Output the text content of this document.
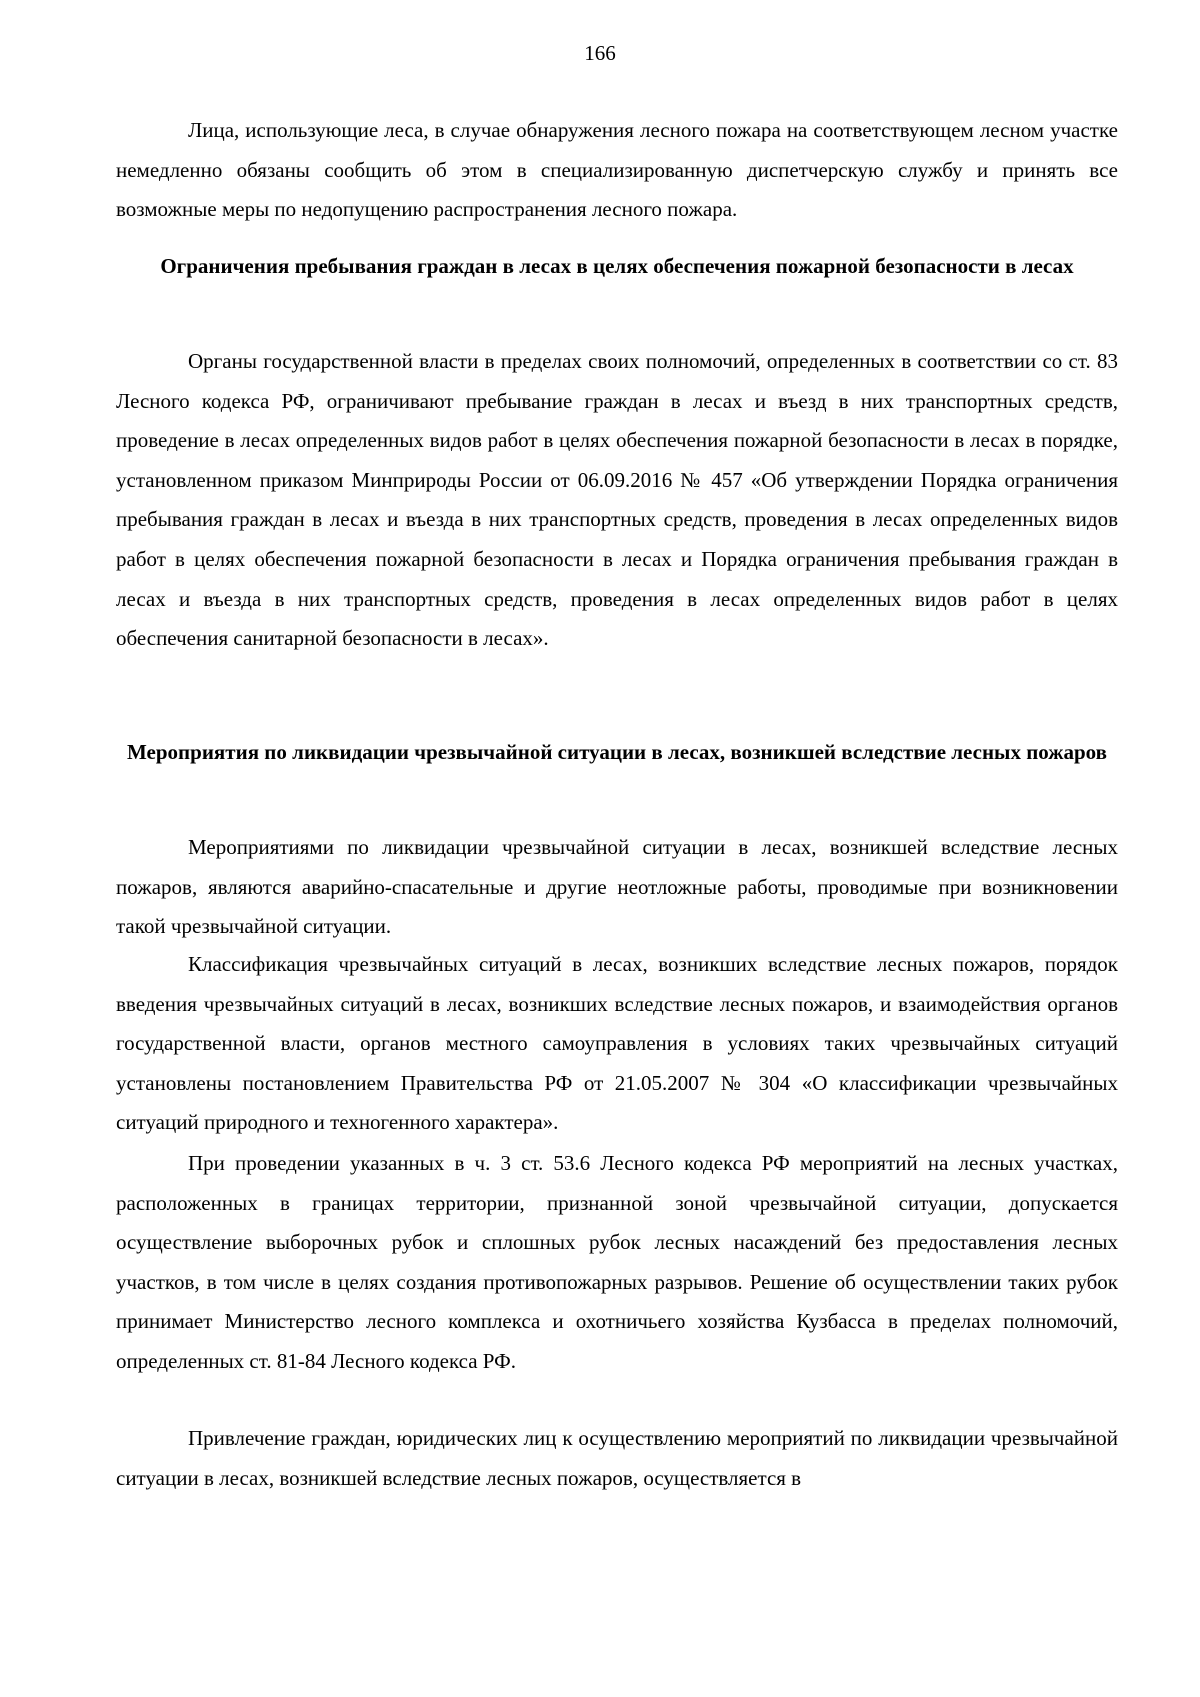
166

Лица, использующие леса, в случае обнаружения лесного пожара на соответствующем лесном участке немедленно обязаны сообщить об этом в специализированную диспетчерскую службу и принять все возможные меры по недопущению распространения лесного пожара.

Ограничения пребывания граждан в лесах в целях обеспечения пожарной безопасности в лесах

Органы государственной власти в пределах своих полномочий, определенных в соответствии со ст. 83 Лесного кодекса РФ, ограничивают пребывание граждан в лесах и въезд в них транспортных средств, проведение в лесах определенных видов работ в целях обеспечения пожарной безопасности в лесах в порядке, установленном приказом Минприроды России от 06.09.2016 № 457 «Об утверждении Порядка ограничения пребывания граждан в лесах и въезда в них транспортных средств, проведения в лесах определенных видов работ в целях обеспечения пожарной безопасности в лесах и Порядка ограничения пребывания граждан в лесах и въезда в них транспортных средств, проведения в лесах определенных видов работ в целях обеспечения санитарной безопасности в лесах».

Мероприятия по ликвидации чрезвычайной ситуации в лесах, возникшей вследствие лесных пожаров

Мероприятиями по ликвидации чрезвычайной ситуации в лесах, возникшей вследствие лесных пожаров, являются аварийно-спасательные и другие неотложные работы, проводимые при возникновении такой чрезвычайной ситуации.

Классификация чрезвычайных ситуаций в лесах, возникших вследствие лесных пожаров, порядок введения чрезвычайных ситуаций в лесах, возникших вследствие лесных пожаров, и взаимодействия органов государственной власти, органов местного самоуправления в условиях таких чрезвычайных ситуаций установлены постановлением Правительства РФ от 21.05.2007 № 304 «О классификации чрезвычайных ситуаций природного и техногенного характера».

При проведении указанных в ч. 3 ст. 53.6 Лесного кодекса РФ мероприятий на лесных участках, расположенных в границах территории, признанной зоной чрезвычайной ситуации, допускается осуществление выборочных рубок и сплошных рубок лесных насаждений без предоставления лесных участков, в том числе в целях создания противопожарных разрывов. Решение об осуществлении таких рубок принимает Министерство лесного комплекса и охотничьего хозяйства Кузбасса в пределах полномочий, определенных ст. 81-84 Лесного кодекса РФ.

Привлечение граждан, юридических лиц к осуществлению мероприятий по ликвидации чрезвычайной ситуации в лесах, возникшей вследствие лесных пожаров, осуществляется в
